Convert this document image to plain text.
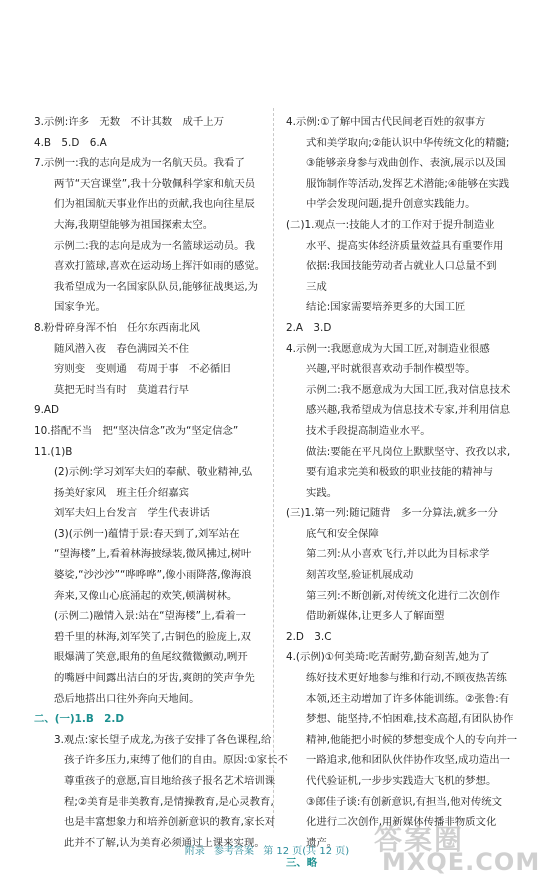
3.示例:许多　无数　不计其数　成千上万
4.B　5.D　6.A
7.示例一:我的志向是成为一名航天员。我看了
两节“天宫课堂”,我十分敬佩科学家和航天员
们为祖国航天事业作出的贡献,我也向往星辰
大海,我期望能够为祖国探索太空。
示例二:我的志向是成为一名篮球运动员。我
喜欢打篮球,喜欢在运动场上挥汗如雨的感觉。
我希望成为一名国家队队员,能够征战奥运,为
国家争光。
8.粉骨碎身浑不怕　任尔东西南北风
随风潜入夜　春色满园关不住
穷则变　变则通　苟周于事　不必循旧
莫把无时当有时　莫道君行早
9.AD
10.搭配不当　把“坚决信念”改为“坚定信念”
11.(1)B
(2)示例:学习刘军夫妇的奉献、敬业精神,弘
扬美好家风　班主任介绍嘉宾
刘军夫妇上台发言　学生代表讲话
(3)(示例一)蕴情于景:春天到了,刘军站在
“望海楼”上,看着林海披绿装,微风拂过,树叶
婆娑,“沙沙沙”“哗哗哗”,像小雨降落,像海浪
奔来,又像山心底涌起的欢笑,顿满树林。
(示例二)融情入景:站在“望海楼”上,看着一
碧千里的林海,刘军笑了,古铜色的脸庞上,双
眼爆满了笑意,眼角的鱼尾纹微微颤动,咧开
的嘴唇中间露出洁白的牙齿,爽朗的笑声争先
恐后地搭出口往外奔向天地间。
二、(一)1.B　2.D
3.观点:家长望子成龙,为孩子安排了各色课程,给
孩子许多压力,束缚了他们的自由。原因:①家长不
尊重孩子的意愿,盲目地给孩子报名艺术培训课
程;②美育是非美教育,是情操教育,是心灵教育,
也是丰富想象力和培养创新意识的教育,家长对
此并不了解,认为美育必须通过上课来实现。
4.示例:①了解中国古代民间老百姓的叙事方
式和美学取向;②能认识中华传统文化的精髓;
③能够亲身参与戏曲创作、表演,展示以及国
服饰制作等活动,发挥艺术潜能;④能够在实践
中学会发现问题,提升创意实践能力。
(二)1.观点一:技能人才的工作对于提升制造业
水平、提高实体经济质量效益具有重要作用
依据:我国技能劳动者占就业人口总量不到
三成
结论:国家需要培养更多的大国工匠
2.A　3.D
4.示例一:我愿意成为大国工匠,对制造业很感
兴趣,平时就很喜欢动手制作模型等。
示例二:我不愿意成为大国工匠,我对信息技术
感兴趣,我希望成为信息技术专家,并利用信息
技术手段提高制造业水平。
做法:要能在平凡岗位上默默坚守、孜孜以求,
要有追求完美和极致的职业技能的精神与
实践。
(三)1.第一列:随记随背　多一分算法,就多一分
底气和安全保障
第二列:从小喜欢飞行,并以此为目标求学
刻苦攻坚,验证机展成动
第三列:不断创新,对传统文化进行二次创作
借助新媒体,让更多人了解面塑
2.D　3.C
4.(示例)①何美琦:吃苦耐劳,勤奋刻苦,她为了
练好技术更好地参与维和行动,不顾夜热苦练
本领,还主动增加了许多体能训练。②张鲁:有
梦想、能坚持,不怕困难,技术高超,有团队协作
精神,他能把小时候的梦想变成个人的专向并一
一路追求,他和团队伙伴协作攻坚,成功造出一
代代验证机,一步步实践造大飞机的梦想。
③郎佳子谈:有创新意识,有担当,他对传统文
化进行二次创作,用新媒体传播非物质文化
遗产。
三、略
附录 参考答案 第 12 页(共 12 页) 答案圈
MXQE.COM
